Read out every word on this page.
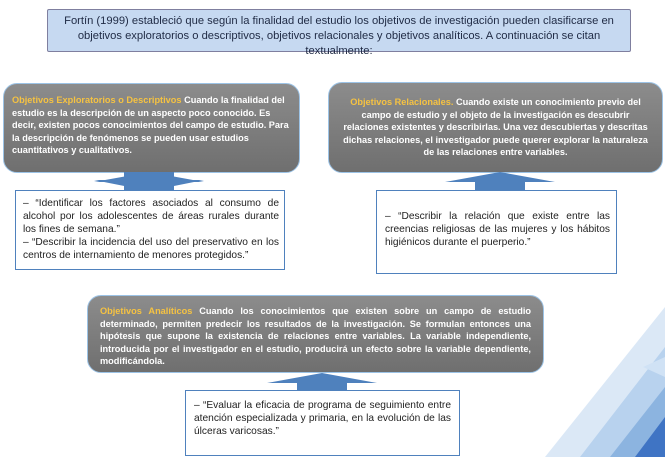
Fortín (1999) estableció que según la finalidad del estudio los objetivos de investigación pueden clasificarse en objetivos exploratorios o descriptivos, objetivos relacionales y objetivos analíticos. A continuación se citan textualmente:
Objetivos Exploratorios o Descriptivos Cuando la finalidad del estudio es la descripción de un aspecto poco conocido. Es decir, existen pocos conocimientos del campo de estudio. Para la descripción de fenómenos se pueden usar estudios cuantitativos y cualitativos.

– “Identificar los factores asociados al consumo de alcohol por los adolescentes de áreas rurales durante los fines de semana.”

– “Describir la incidencia del uso del preservativo en los centros de internamiento de menores protegidos.”

Objetivos Relacionales. Cuando existe un conocimiento previo del campo de estudio y el objeto de la investigación es descubrir relaciones existentes y describirlas. Una vez descubiertas y descritas dichas relaciones, el investigador puede querer explorar la naturaleza de las relaciones entre variables.
– “Describir la relación que existe entre las creencias religiosas de las mujeres y los hábitos higiénicos durante el puerperio.”
Objetivos Analíticos Cuando los conocimientos que existen sobre un campo de estudio determinado, permiten predecir los resultados de la investigación. Se formulan entonces una hipótesis que supone la existencia de relaciones entre variables. La variable independiente, introducida por el investigador en el estudio, producirá un efecto sobre la variable dependiente, modificándola.
– “Evaluar la eficacia de programa de seguimiento entre atención especializada y primaria, en la evolución de las úlceras varicosas.”
